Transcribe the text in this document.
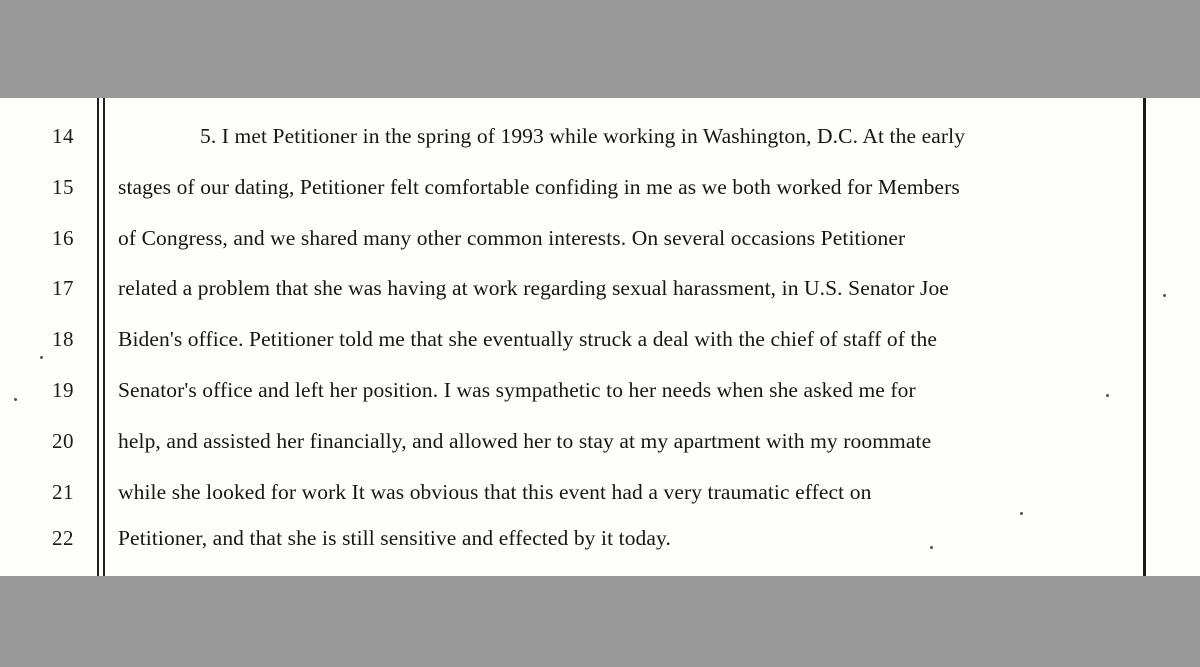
14	5. I met Petitioner in the spring of 1993 while working in Washington, D.C. At the early
15	stages of our dating, Petitioner felt comfortable confiding in me as we both worked for Members
16	of Congress, and we shared many other common interests. On several occasions Petitioner
17	related a problem that she was having at work regarding sexual harassment, in U.S. Senator Joe
18	Biden's office. Petitioner told me that she eventually struck a deal with the chief of staff of the
19	Senator's office and left her position. I was sympathetic to her needs when she asked me for
20	help, and assisted her financially, and allowed her to stay at my apartment with my roommate
21	while she looked for work It was obvious that this event had a very traumatic effect on
22	Petitioner, and that she is still sensitive and effected by it today.
